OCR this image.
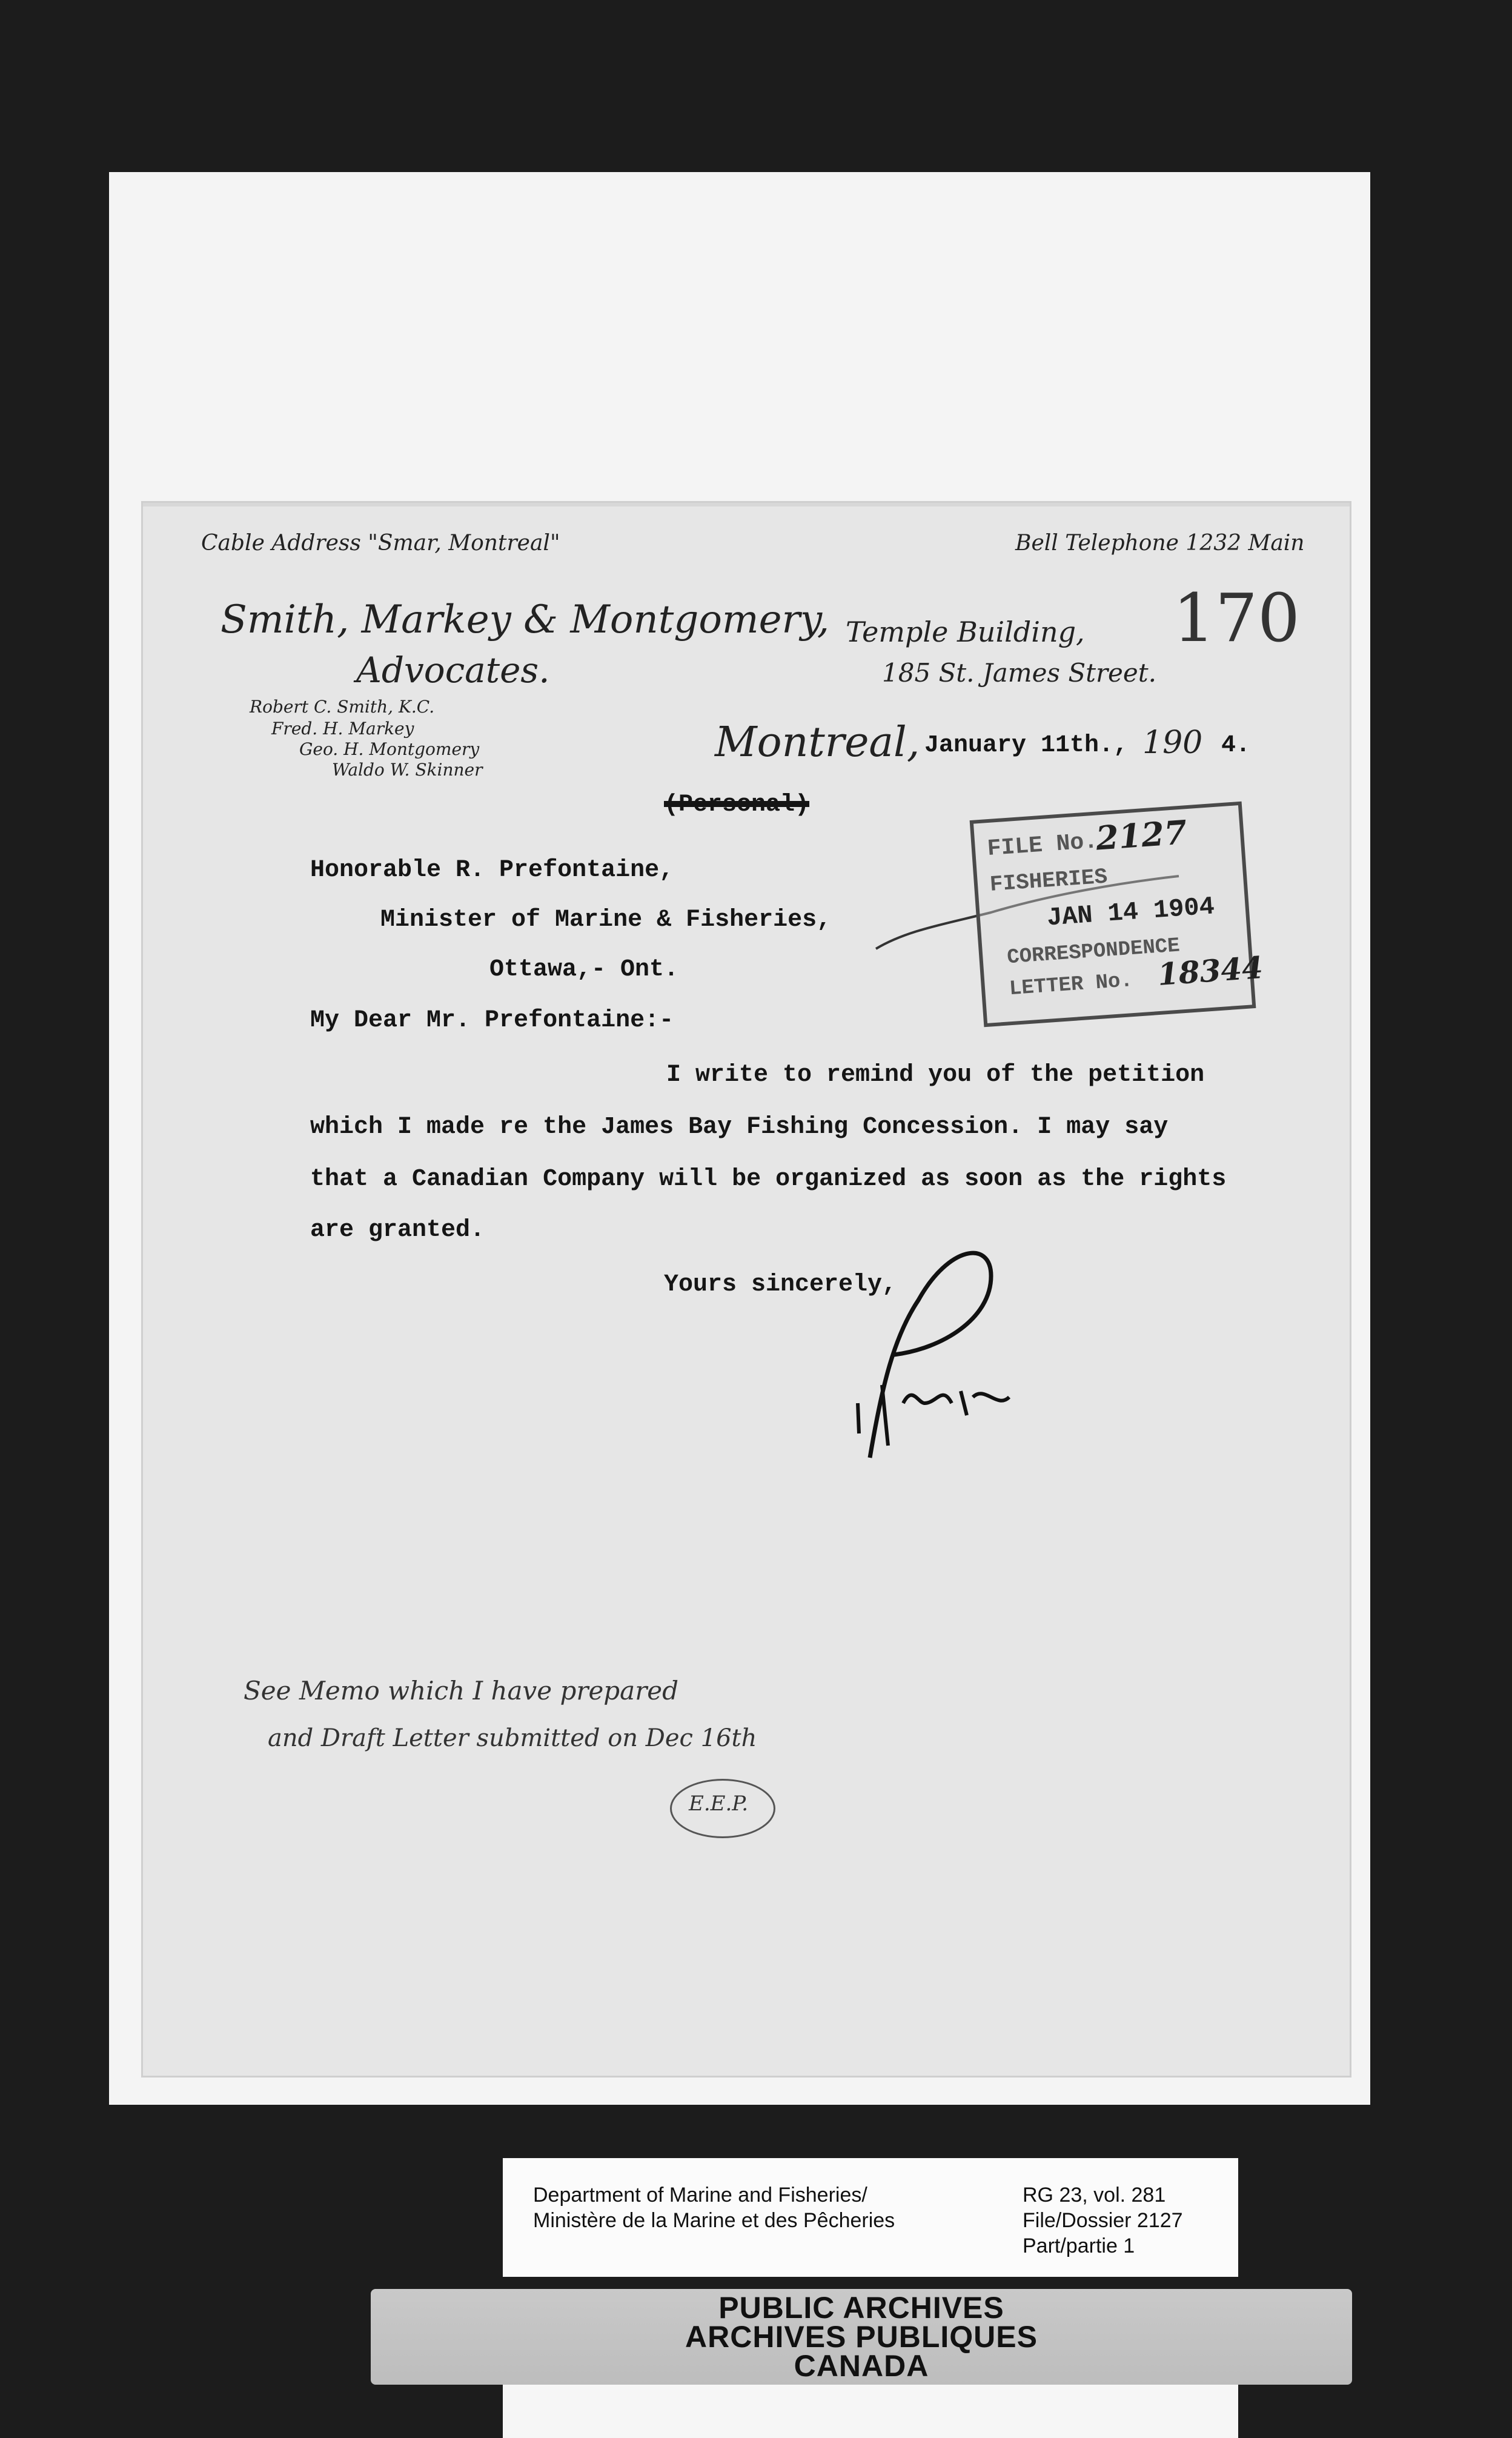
Cable Address "Smar, Montreal"	Bell Telephone 1232 Main
Smith, Markey & Montgomery,
Advocates.
Robert C. Smith, K.C.
Fred. H. Markey
Geo. H. Montgomery
Waldo W. Skinner
Temple Building,
185 St. James Street.
170
Montreal, January 11th., 190 4.
(Personal)
Honorable R. Prefontaine,
Minister of Marine & Fisheries,
Ottawa,- Ont.
My Dear Mr. Prefontaine:-
I write to remind you of the petition
which I made re the James Bay Fishing Concession. I may say
that a Canadian Company will be organized as soon as the rights
are granted.
Yours sincerely,
See Memo which I have prepared
and Draft Letter submitted on Dec 16th
E.E.P.
FILE No.
2127
FISHERIES
JAN 14 1904
CORRESPONDENCE
LETTER No. 18344
Department of Marine and Fisheries/
Ministère de la Marine et des Pêcheries
RG 23, vol. 281
File/Dossier 2127
Part/partie 1
PUBLIC ARCHIVES
ARCHIVES PUBLIQUES
CANADA
